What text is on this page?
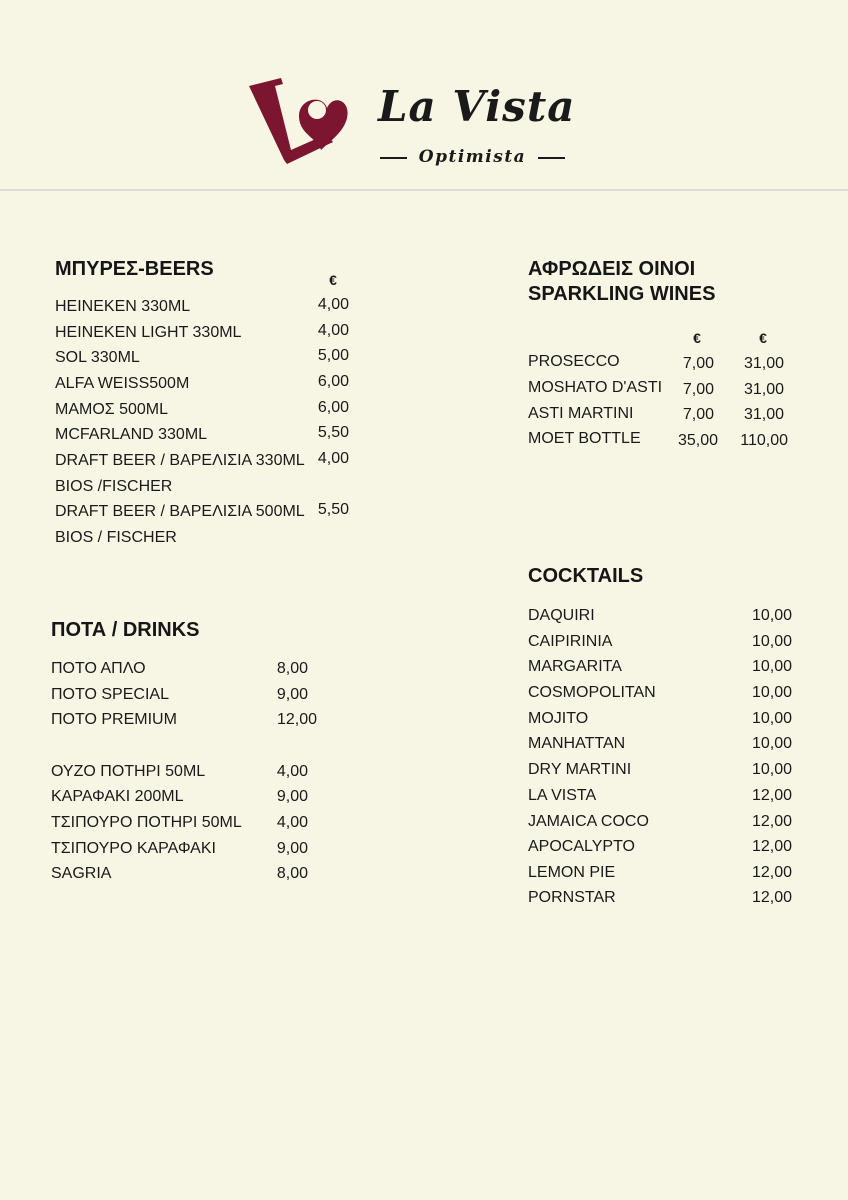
La Vista
Optimista
ΜΠΥΡΕΣ-BEERS	€
HEINEKEN 330ML	4,00
HEINEKEN LIGHT 330ML	4,00
SOL 330ML	5,00
ALFA WEISS500M	6,00
ΜΑΜΟΣ 500ML	6,00
MCFARLAND 330ML	5,50
DRAFT BEER / ΒΑΡΕΛΙΣΙΑ 330ML 4,00
BIOS /FISCHER
DRAFT BEER / ΒΑΡΕΛΙΣΙΑ 500ML 5,50
BIOS / FISCHER
ΠΟΤΑ / DRINKS
ΠΟΤΟ ΑΠΛΟ	8,00
ΠΟΤΟ SPECIAL	9,00
ΠΟΤΟ PREMIUM	12,00
ΟΥΖΟ ΠΟΤΗΡΙ 50ML	4,00
ΚΑΡΑΦΑΚΙ 200ML	9,00
ΤΣΙΠΟΥΡΟ ΠΟΤΗΡΙ 50ML	4,00
ΤΣΙΠΟΥΡΟ ΚΑΡΑΦΑΚΙ	9,00
SAGRIA	8,00
ΑΦΡΩΔΕΙΣ ΟΙΝΟΙ
SPARKLING WINES
€	€
PROSECCO	7,00	31,00
MOSHATO D'ASTI	7,00	31,00
ASTI MARTINI	7,00	31,00
MOET BOTTLE	35,00	110,00
COCKTAILS
DAQUIRI	10,00
CAIPIRINIA	10,00
MARGARITA	10,00
COSMOPOLITAN	10,00
MOJITO	10,00
MANHATTAN	10,00
DRY MARTINI	10,00
LA VISTA	12,00
JAMAICA COCO	12,00
APOCALYPTO	12,00
LEMON PIE	12,00
PORNSTAR	12,00
